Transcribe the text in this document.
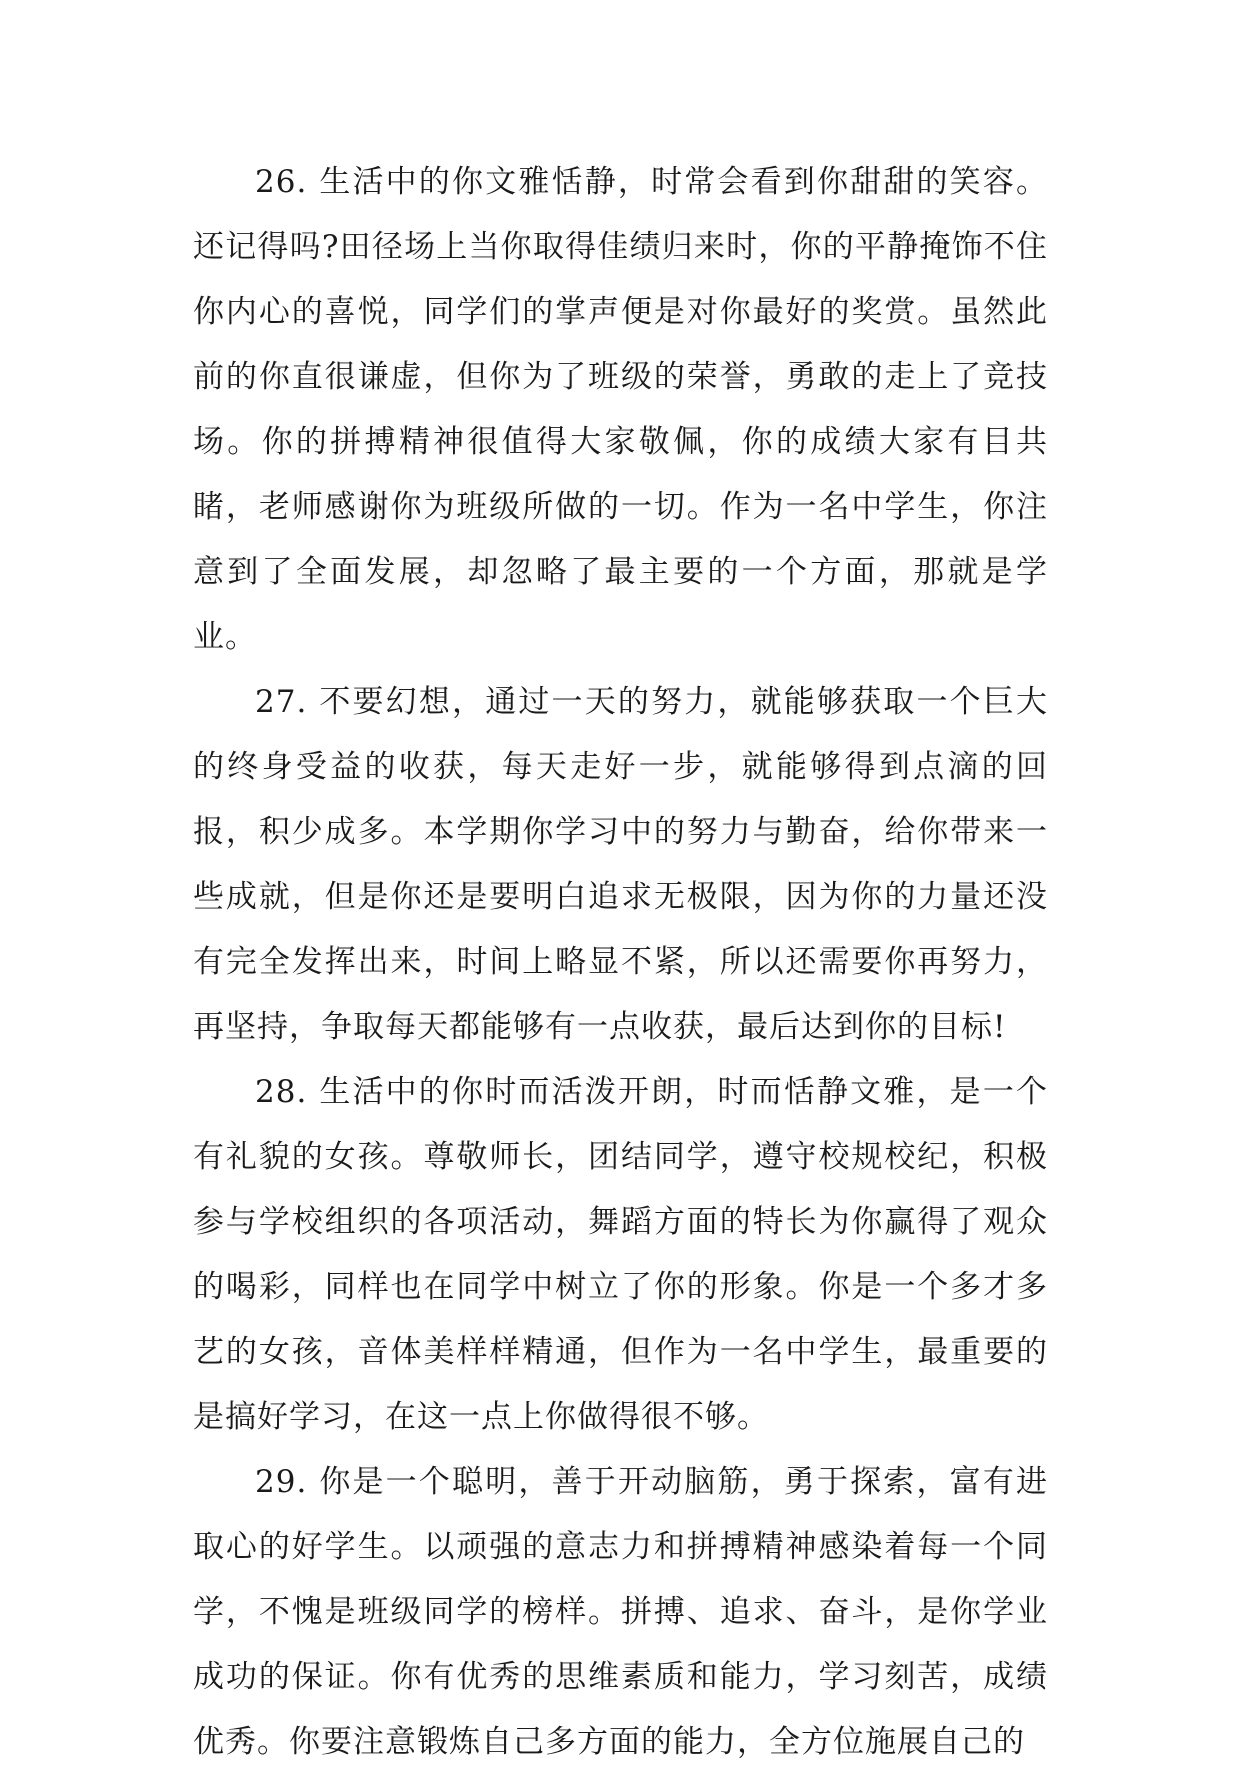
26. 生活中的你文雅恬静，时常会看到你甜甜的笑容。还记得吗?田径场上当你取得佳绩归来时，你的平静掩饰不住你内心的喜悦，同学们的掌声便是对你最好的奖赏。虽然此前的你直很谦虚，但你为了班级的荣誉，勇敢的走上了竞技场。你的拼搏精神很值得大家敬佩，你的成绩大家有目共睹，老师感谢你为班级所做的一切。作为一名中学生，你注意到了全面发展，却忽略了最主要的一个方面，那就是学业。

27. 不要幻想，通过一天的努力，就能够获取一个巨大的终身受益的收获，每天走好一步，就能够得到点滴的回报，积少成多。本学期你学习中的努力与勤奋，给你带来一些成就，但是你还是要明白追求无极限，因为你的力量还没有完全发挥出来，时间上略显不紧，所以还需要你再努力，再坚持，争取每天都能够有一点收获，最后达到你的目标!

28. 生活中的你时而活泼开朗，时而恬静文雅，是一个有礼貌的女孩。尊敬师长，团结同学，遵守校规校纪，积极参与学校组织的各项活动，舞蹈方面的特长为你赢得了观众的喝彩，同样也在同学中树立了你的形象。你是一个多才多艺的女孩，音体美样样精通，但作为一名中学生，最重要的是搞好学习，在这一点上你做得很不够。

29. 你是一个聪明，善于开动脑筋，勇于探索，富有进取心的好学生。以顽强的意志力和拼搏精神感染着每一个同学，不愧是班级同学的榜样。拼搏、追求、奋斗，是你学业成功的保证。你有优秀的思维素质和能力，学习刻苦，成绩优秀。你要注意锻炼自己多方面的能力，全方位施展自己的
